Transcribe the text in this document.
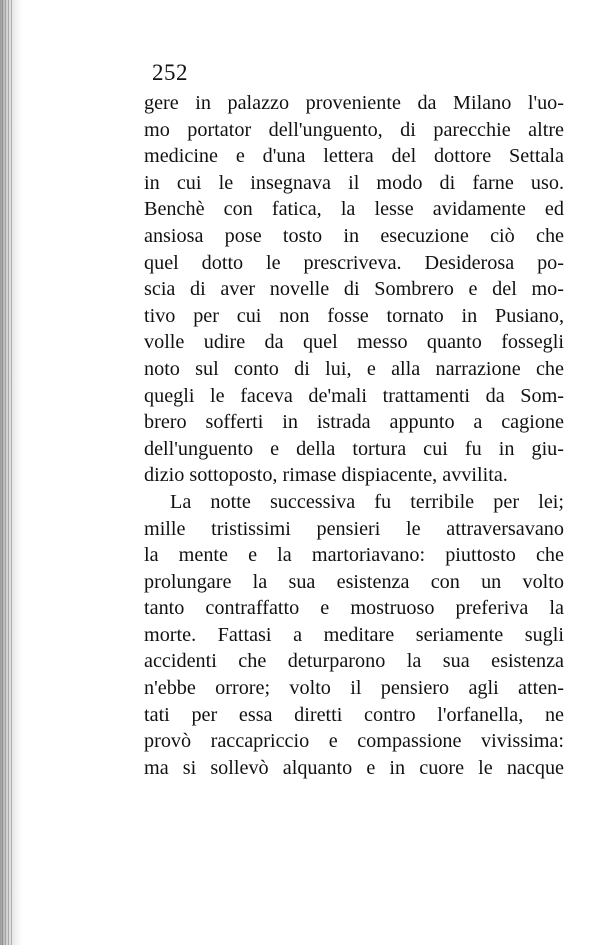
252
gere in palazzo proveniente da Milano l'uo-
mo portator dell'unguento, di parecchie altre
medicine e d'una lettera del dottore Settala
in cui le insegnava il modo di farne uso.
Benchè con fatica, la lesse avidamente ed
ansiosa pose tosto in esecuzione ciò che
quel dotto le prescriveva. Desiderosa po-
scia di aver novelle di Sombrero e del mo-
tivo per cui non fosse tornato in Pusiano,
volle udire da quel messo quanto fossegli
noto sul conto di lui, e alla narrazione che
quegli le faceva de'mali trattamenti da Som-
brero sofferti in istrada appunto a cagione
dell'unguento e della tortura cui fu in giu-
dizio sottoposto, rimase dispiacente, avvilita.
La notte successiva fu terribile per lei;
mille tristissimi pensieri le attraversavano
la mente e la martoriavano: piuttosto che
prolungare la sua esistenza con un volto
tanto contraffatto e mostruoso preferiva la
morte. Fattasi a meditare seriamente sugli
accidenti che deturparono la sua esistenza
n'ebbe orrore; volto il pensiero agli atten-
tati per essa diretti contro l'orfanella, ne
provò raccapriccio e compassione vivissima:
ma si sollevò alquanto e in cuore le nacque
